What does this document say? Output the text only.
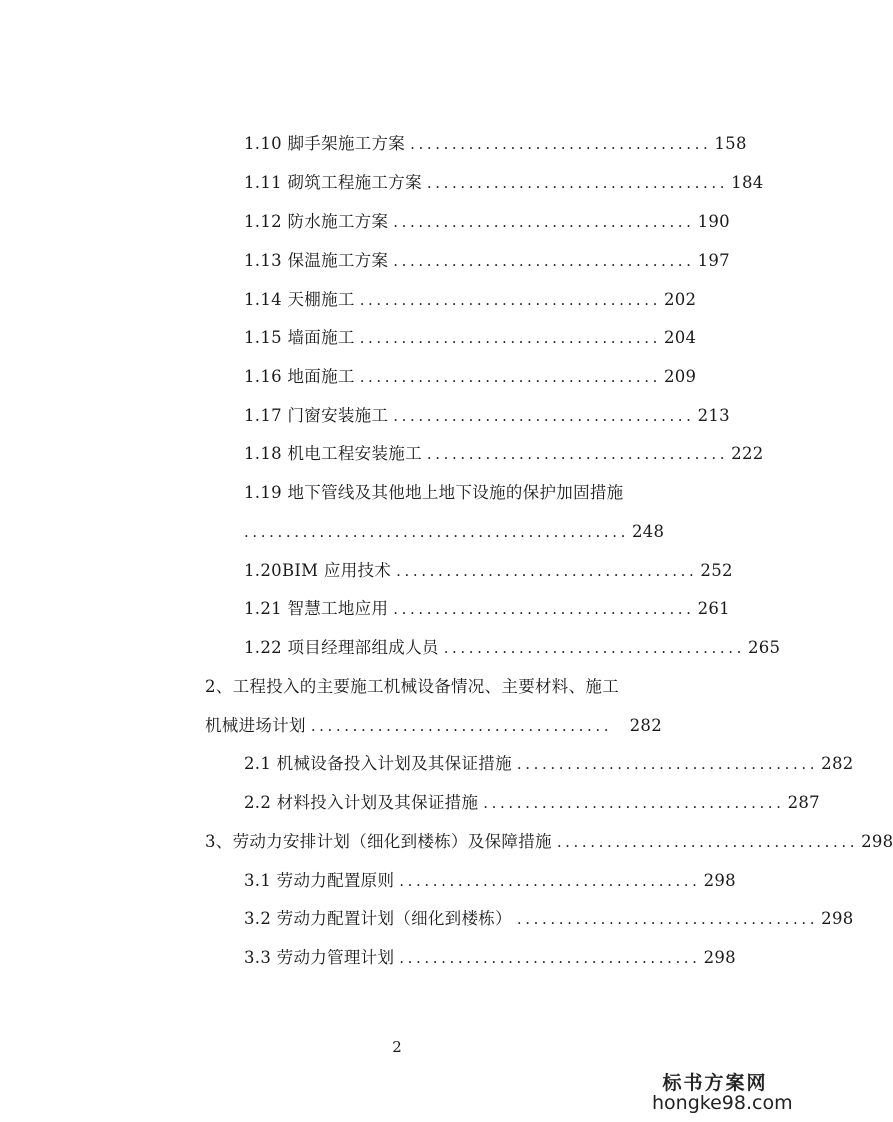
1.10 脚手架施工方案 .................................... 158
1.11 砌筑工程施工方案 .................................... 184
1.12 防水施工方案 .................................... 190
1.13 保温施工方案 .................................... 197
1.14 天棚施工 .................................... 202
1.15 墙面施工 .................................... 204
1.16 地面施工 .................................... 209
1.17 门窗安装施工 .................................... 213
1.18 机电工程安装施工 .................................... 222
1.19 地下管线及其他地上地下设施的保护加固措施
.............................................. 248
1.20BIM 应用技术 .................................... 252
1.21 智慧工地应用 .................................... 261
1.22 项目经理部组成人员 .................................... 265
2、工程投入的主要施工机械设备情况、主要材料、施工
机械进场计划 ....................................	282
2.1 机械设备投入计划及其保证措施 .................................... 282
2.2 材料投入计划及其保证措施 .................................... 287
3、劳动力安排计划（细化到楼栋）及保障措施 .................................... 298
3.1 劳动力配置原则 .................................... 298
3.2 劳动力配置计划（细化到楼栋） .................................... 298
3.3 劳动力管理计划 .................................... 298
2
标书方案网
hongke98.com
